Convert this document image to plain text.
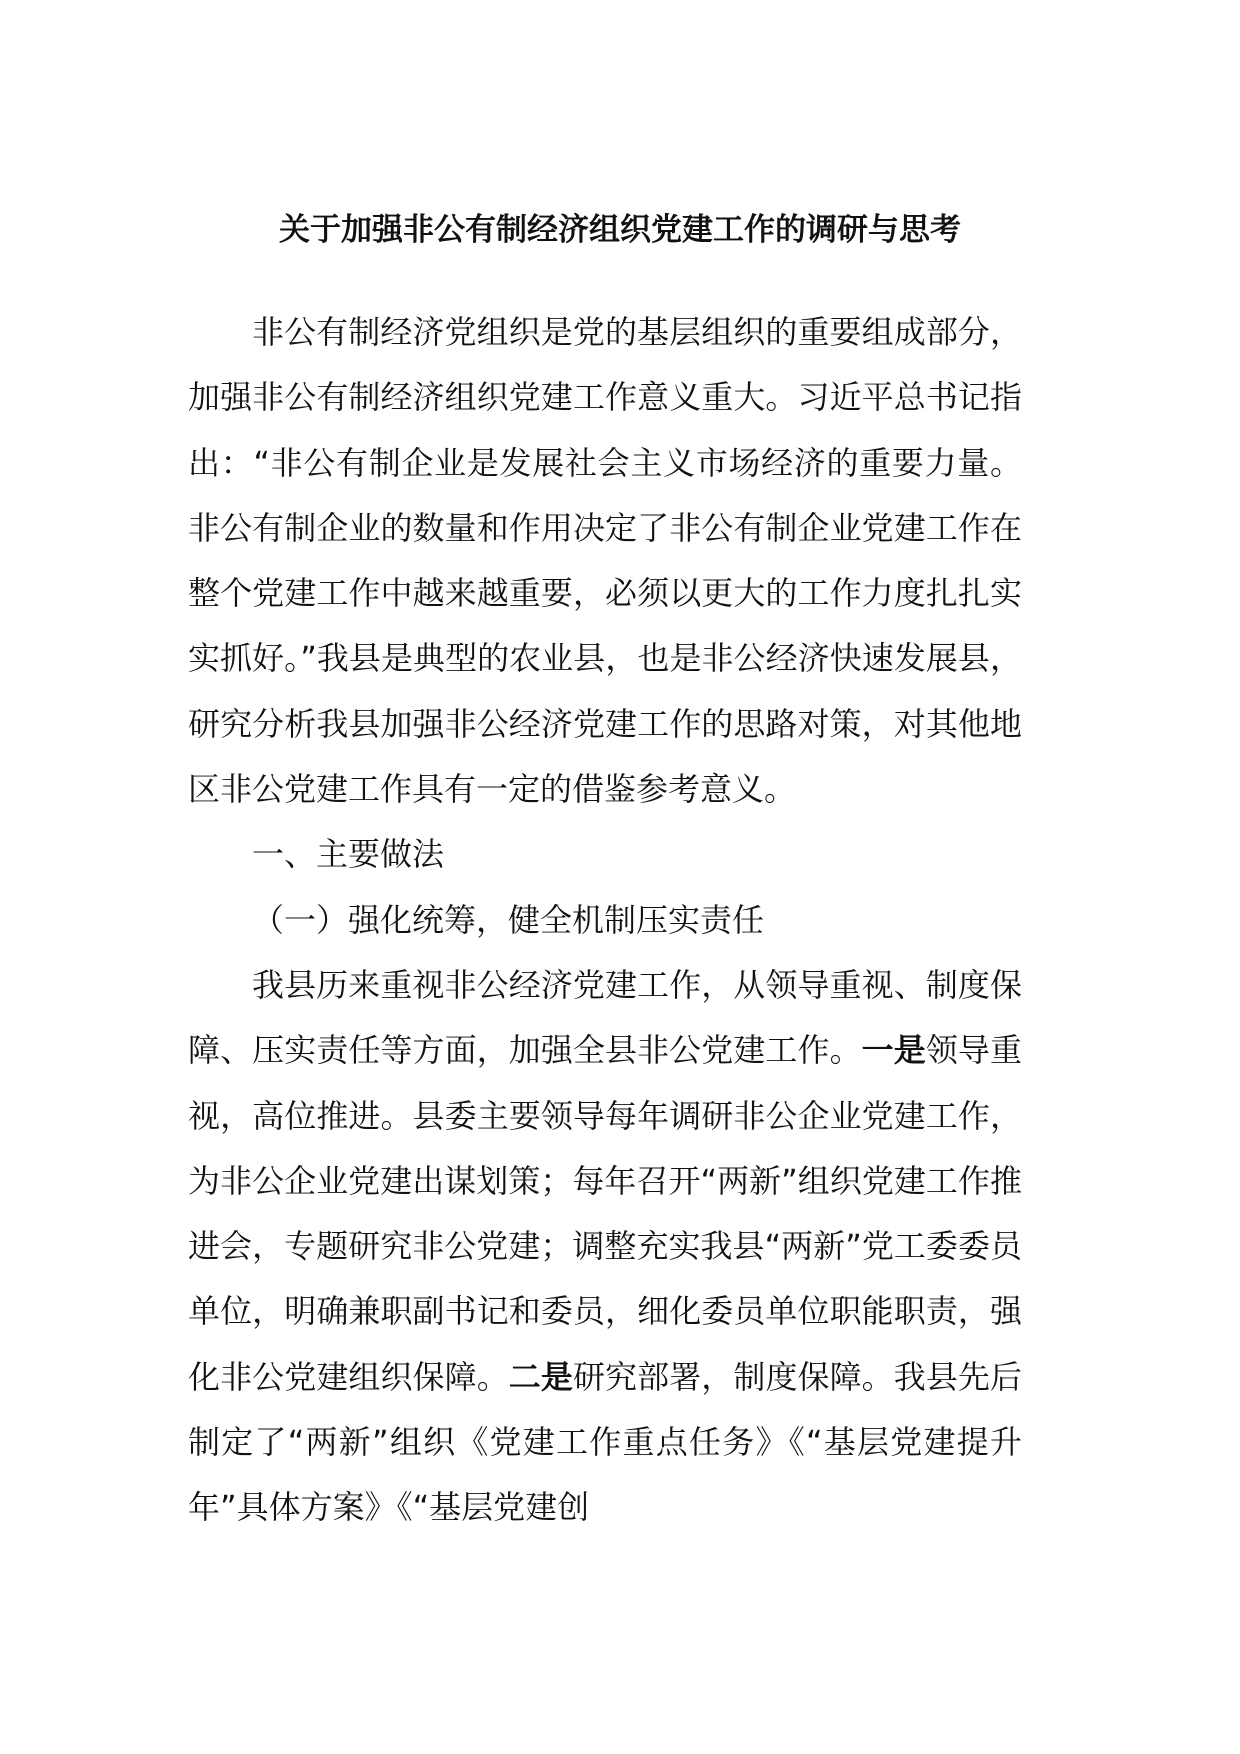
关于加强非公有制经济组织党建工作的调研与思考

非公有制经济党组织是党的基层组织的重要组成部分，加强非公有制经济组织党建工作意义重大。习近平总书记指出：“非公有制企业是发展社会主义市场经济的重要力量。非公有制企业的数量和作用决定了非公有制企业党建工作在整个党建工作中越来越重要，必须以更大的工作力度扎扎实实抓好。”我县是典型的农业县，也是非公经济快速发展县，研究分析我县加强非公经济党建工作的思路对策，对其他地区非公党建工作具有一定的借鉴参考意义。

一、主要做法

（一）强化统筹，健全机制压实责任

我县历来重视非公经济党建工作，从领导重视、制度保障、压实责任等方面，加强全县非公党建工作。一是领导重视，高位推进。县委主要领导每年调研非公企业党建工作，为非公企业党建出谋划策；每年召开“两新”组织党建工作推进会，专题研究非公党建；调整充实我县“两新”党工委委员单位，明确兼职副书记和委员，细化委员单位职能职责，强化非公党建组织保障。二是研究部署，制度保障。我县先后制定了“两新”组织《党建工作重点任务》《“基层党建提升年”具体方案》《“基层党建创
